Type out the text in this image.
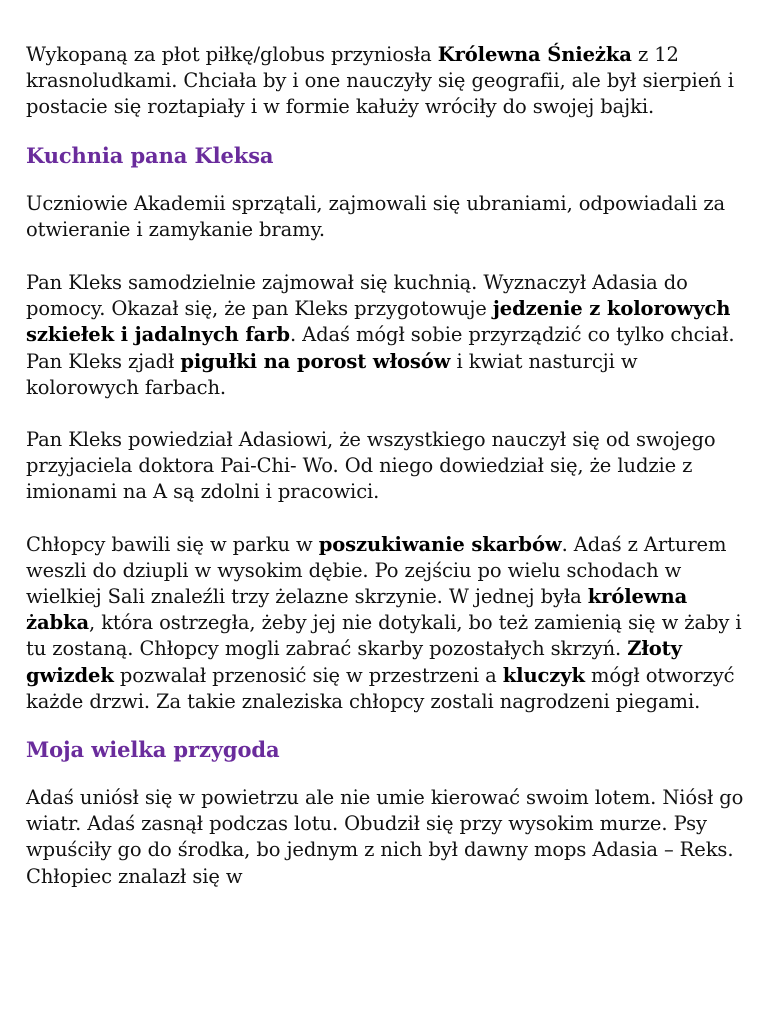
Wykopaną za płot piłkę/globus przyniosła Królewna Śnieżka z 12 krasnoludkami. Chciała by i one nauczyły się geografii, ale był sierpień i postacie się roztapiały i w formie kałuży wróciły do swojej bajki.

Kuchnia pana Kleksa

Uczniowie Akademii sprzątali, zajmowali się ubraniami, odpowiadali za otwieranie i zamykanie bramy.

Pan Kleks samodzielnie zajmował się kuchnią. Wyznaczył Adasia do pomocy. Okazał się, że pan Kleks przygotowuje jedzenie z kolorowych szkiełek i jadalnych farb. Adaś mógł sobie przyrządzić co tylko chciał. Pan Kleks zjadł pigułki na porost włosów i kwiat nasturcji w kolorowych farbach.

Pan Kleks powiedział Adasiowi, że wszystkiego nauczył się od swojego przyjaciela doktora Pai-Chi- Wo. Od niego dowiedział się, że ludzie z imionami na A są zdolni i pracowici.

Chłopcy bawili się w parku w poszukiwanie skarbów. Adaś z Arturem weszli do dziupli w wysokim dębie. Po zejściu po wielu schodach w wielkiej Sali znaleźli trzy żelazne skrzynie. W jednej była królewna żabka, która ostrzegła, żeby jej nie dotykali, bo też zamienią się w żaby i tu zostaną. Chłopcy mogli zabrać skarby pozostałych skrzyń. Złoty gwizdek pozwalał przenosić się w przestrzeni a kluczyk mógł otworzyć każde drzwi. Za takie znaleziska chłopcy zostali nagrodzeni piegami.

Moja wielka przygoda

Adaś uniósł się w powietrzu ale nie umie kierować swoim lotem. Niósł go wiatr. Adaś zasnął podczas lotu. Obudził się przy wysokim murze. Psy wpuściły go do środka, bo jednym z nich był dawny mops Adasia – Reks. Chłopiec znalazł się w
